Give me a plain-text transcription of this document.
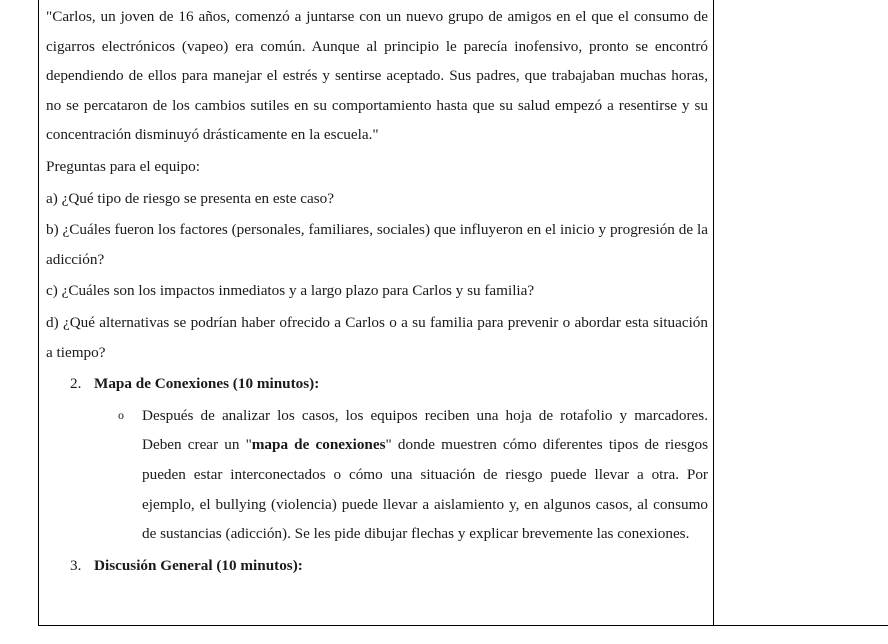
"Carlos, un joven de 16 años, comenzó a juntarse con un nuevo grupo de amigos en el que el consumo de cigarros electrónicos (vapeo) era común. Aunque al principio le parecía inofensivo, pronto se encontró dependiendo de ellos para manejar el estrés y sentirse aceptado. Sus padres, que trabajaban muchas horas, no se percataron de los cambios sutiles en su comportamiento hasta que su salud empezó a resentirse y su concentración disminuyó drásticamente en la escuela."

Preguntas para el equipo:

a) ¿Qué tipo de riesgo se presenta en este caso?

b) ¿Cuáles fueron los factores (personales, familiares, sociales) que influyeron en el inicio y progresión de la adicción?

c) ¿Cuáles son los impactos inmediatos y a largo plazo para Carlos y su familia?

d) ¿Qué alternativas se podrían haber ofrecido a Carlos o a su familia para prevenir o abordar esta situación a tiempo?

2. Mapa de Conexiones (10 minutos):
o Después de analizar los casos, los equipos reciben una hoja de rotafolio y marcadores. Deben crear un "mapa de conexiones" donde muestren cómo diferentes tipos de riesgos pueden estar interconectados o cómo una situación de riesgo puede llevar a otra. Por ejemplo, el bullying (violencia) puede llevar a aislamiento y, en algunos casos, al consumo de sustancias (adicción). Se les pide dibujar flechas y explicar brevemente las conexiones.
3. Discusión General (10 minutos):
